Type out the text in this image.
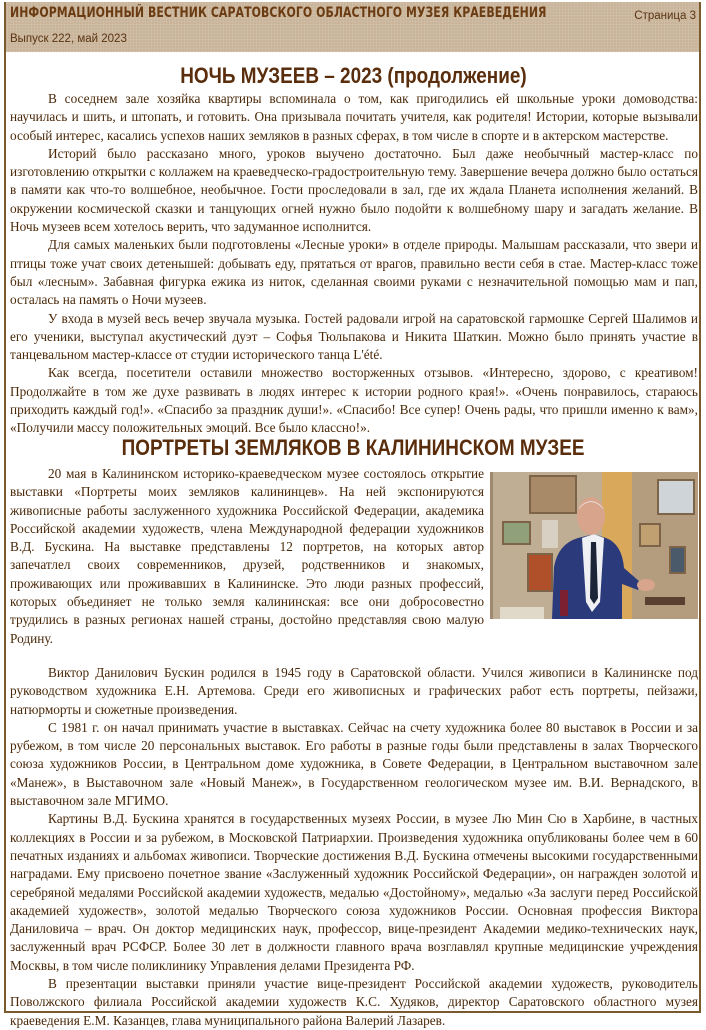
ИНФОРМАЦИОННЫЙ ВЕСТНИК САРАТОВСКОГО ОБЛАСТНОГО МУЗЕЯ КРАЕВЕДЕНИЯ
Выпуск 222, май 2023
Страница 3
НОЧЬ МУЗЕЕВ – 2023 (продолжение)

В соседнем зале хозяйка квартиры вспоминала о том, как пригодились ей школьные уроки домоводства: научилась и шить, и штопать, и готовить. Она призывала почитать учителя, как родителя! Истории, которые вызывали особый интерес, касались успехов наших земляков в разных сферах, в том числе в спорте и в актерском мастерстве.

Историй было рассказано много, уроков выучено достаточно. Был даже необычный мастер-класс по изготовлению открытки с коллажем на краеведческо-градостроительную тему. Завершение вечера должно было остаться в памяти как что-то волшебное, необычное. Гости проследовали в зал, где их ждала Планета исполнения желаний. В окружении космической сказки и танцующих огней нужно было подойти к волшебному шару и загадать желание. В Ночь музеев всем хотелось верить, что задуманное исполнится.

Для самых маленьких были подготовлены «Лесные уроки» в отделе природы. Малышам рассказали, что звери и птицы тоже учат своих детенышей: добывать еду, прятаться от врагов, правильно вести себя в стае. Мастер-класс тоже был «лесным». Забавная фигурка ежика из ниток, сделанная своими руками с незначительной помощью мам и пап, осталась на память о Ночи музеев.

У входа в музей весь вечер звучала музыка. Гостей радовали игрой на саратовской гармошке Сергей Шалимов и его ученики, выступал акустический дуэт – Софья Тюльпакова и Никита Шаткин. Можно было принять участие в танцевальном мастер-классе от студии исторического танца L'été.

Как всегда, посетители оставили множество восторженных отзывов. «Интересно, здорово, с креативом! Продолжайте в том же духе развивать в людях интерес к истории родного края!». «Очень понравилось, стараюсь приходить каждый год!». «Спасибо за праздник души!». «Спасибо! Все супер! Очень рады, что пришли именно к вам», «Получили массу положительных эмоций. Все было классно!».

ПОРТРЕТЫ ЗЕМЛЯКОВ В КАЛИНИНСКОМ МУЗЕЕ

20 мая в Калининском историко-краеведческом музее состоялось открытие выставки «Портреты моих земляков калининцев». На ней экспонируются живописные работы заслуженного художника Российской Федерации, академика Российской академии художеств, члена Международной федерации художников В.Д. Бускина. На выставке представлены 12 портретов, на которых автор запечатлел своих современников, друзей, родственников и знакомых, проживающих или проживавших в Калининске. Это люди разных профессий, которых объединяет не только земля калининская: все они добросовестно трудились в разных регионах нашей страны, достойно представляя свою малую Родину.

Виктор Данилович Бускин родился в 1945 году в Саратовской области. Учился живописи в Калининске под руководством художника Е.Н. Артемова. Среди его живописных и графических работ есть портреты, пейзажи, натюрморты и сюжетные произведения.

С 1981 г. он начал принимать участие в выставках. Сейчас на счету художника более 80 выставок в России и за рубежом, в том числе 20 персональных выставок. Его работы в разные годы были представлены в залах Творческого союза художников России, в Центральном доме художника, в Совете Федерации, в Центральном выставочном зале «Манеж», в Выставочном зале «Новый Манеж», в Государственном геологическом музее им. В.И. Вернадского, в выставочном зале МГИМО.

Картины В.Д. Бускина хранятся в государственных музеях России, в музее Лю Мин Сю в Харбине, в частных коллекциях в России и за рубежом, в Московской Патриархии. Произведения художника опубликованы более чем в 60 печатных изданиях и альбомах живописи. Творческие достижения В.Д. Бускина отмечены высокими государственными наградами. Ему присвоено почетное звание «Заслуженный художник Российской Федерации», он награжден золотой и серебряной медалями Российской академии художеств, медалью «Достойному», медалью «За заслуги перед Российской академией художеств», золотой медалью Творческого союза художников России. Основная профессия Виктора Даниловича – врач. Он доктор медицинских наук, профессор, вице-президент Академии медико-технических наук, заслуженный врач РСФСР. Более 30 лет в должности главного врача возглавлял крупные медицинские учреждения Москвы, в том числе поликлинику Управления делами Президента РФ.

В презентации выставки приняли участие вице-президент Российской академии художеств, руководитель Поволжского филиала Российской академии художеств К.С. Худяков, директор Саратовского областного музея краеведения Е.М. Казанцев, глава муниципального района Валерий Лазарев.
